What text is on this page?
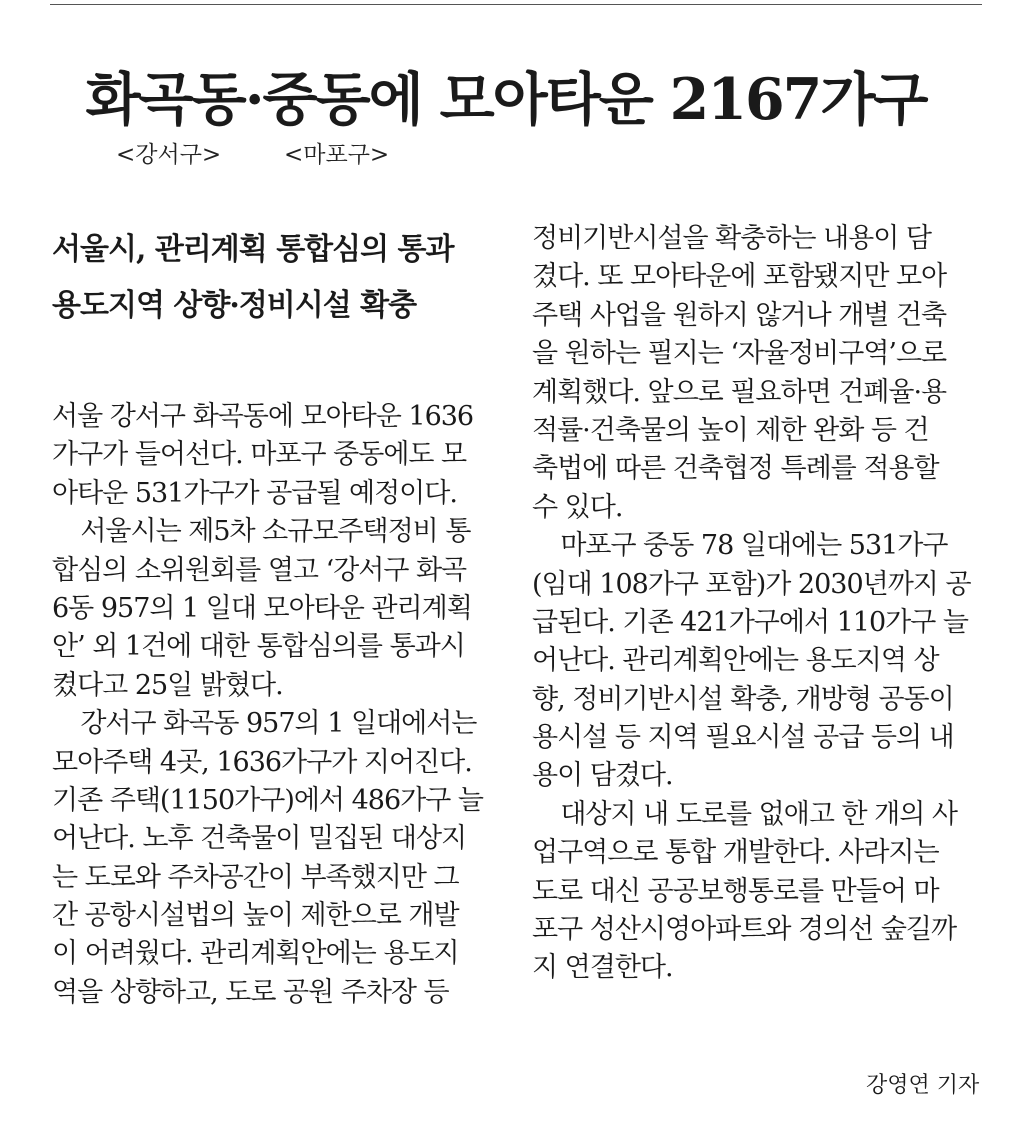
화곡동·중동에 모아타운 2167가구
<강서구>	<마포구>
서울시, 관리계획 통합심의 통과
용도지역 상향·정비시설 확충
서울 강서구 화곡동에 모아타운 1636
가구가 들어선다. 마포구 중동에도 모
아타운 531가구가 공급될 예정이다.
서울시는 제5차 소규모주택정비 통
합심의 소위원회를 열고 ‘강서구 화곡
6동 957의 1 일대 모아타운 관리계획
안’ 외 1건에 대한 통합심의를 통과시
켰다고 25일 밝혔다.
강서구 화곡동 957의 1 일대에서는
모아주택 4곳, 1636가구가 지어진다.
기존 주택(1150가구)에서 486가구 늘
어난다. 노후 건축물이 밀집된 대상지
는 도로와 주차공간이 부족했지만 그
간 공항시설법의 높이 제한으로 개발
이 어려웠다. 관리계획안에는 용도지
역을 상향하고, 도로 공원 주차장 등
정비기반시설을 확충하는 내용이 담
겼다. 또 모아타운에 포함됐지만 모아
주택 사업을 원하지 않거나 개별 건축
을 원하는 필지는 ‘자율정비구역’으로
계획했다. 앞으로 필요하면 건폐율·용
적률·건축물의 높이 제한 완화 등 건
축법에 따른 건축협정 특례를 적용할
수 있다.
마포구 중동 78 일대에는 531가구
(임대 108가구 포함)가 2030년까지 공
급된다. 기존 421가구에서 110가구 늘
어난다. 관리계획안에는 용도지역 상
향, 정비기반시설 확충, 개방형 공동이
용시설 등 지역 필요시설 공급 등의 내
용이 담겼다.
대상지 내 도로를 없애고 한 개의 사
업구역으로 통합 개발한다. 사라지는
도로 대신 공공보행통로를 만들어 마
포구 성산시영아파트와 경의선 숲길까
지 연결한다.
강영연 기자
